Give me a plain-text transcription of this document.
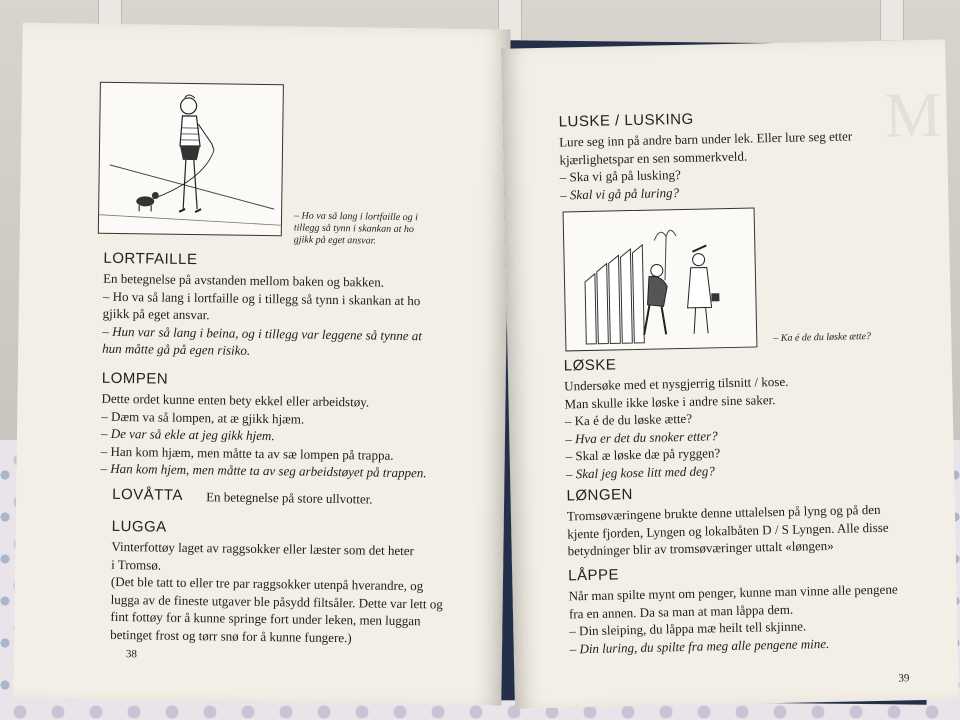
– Ho va så lang i lortfaille og i
tillegg så tynn i skankan at ho
gjikk på eget ansvar.
LORTFAILLE
En betegnelse på avstanden mellom baken og bakken.
– Ho va så lang i lortfaille og i tillegg så tynn i skankan at ho
gjikk på eget ansvar.
– Hun var så lang i beina, og i tillegg var leggene så tynne at
hun måtte gå på egen risiko.
LOMPEN
Dette ordet kunne enten bety ekkel eller arbeidstøy.
– Dæm va så lompen, at æ gjikk hjæm.
– De var så ekle at jeg gikk hjem.
– Han kom hjæm, men måtte ta av sæ lompen på trappa.
– Han kom hjem, men måtte ta av seg arbeidstøyet på trappen.
LOVÅTTA En betegnelse på store ullvotter.
LUGGA
Vinterfottøy laget av raggsokker eller læster som det heter
i Tromsø.
(Det ble tatt to eller tre par raggsokker utenpå hverandre, og
lugga av de fineste utgaver ble påsydd filtsåler. Dette var lett og
fint fottøy for å kunne springe fort under leken, men luggan
betinget frost og tørr snø for å kunne fungere.)
38
M
LUSKE / LUSKING
Lure seg inn på andre barn under lek. Eller lure seg etter
kjærlighetspar en sen sommerkveld.
– Ska vi gå på lusking?
– Skal vi gå på luring?
– Ka é de du løske ætte?
LØSKE
Undersøke med et nysgjerrig tilsnitt / kose.
Man skulle ikke løske i andre sine saker.
– Ka é de du løske ætte?
– Hva er det du snoker etter?
– Skal æ løske dæ på ryggen?
– Skal jeg kose litt med deg?
LØNGEN
Tromsøværingene brukte denne uttalelsen på lyng og på den
kjente fjorden, Lyngen og lokalbåten D / S Lyngen. Alle disse
betydninger blir av tromsøværinger uttalt «løngen»
LÅPPE
Når man spilte mynt om penger, kunne man vinne alle pengene
fra en annen. Da sa man at man låppa dem.
– Din sleiping, du låppa mæ heilt tell skjinne.
– Din luring, du spilte fra meg alle pengene mine.
39
